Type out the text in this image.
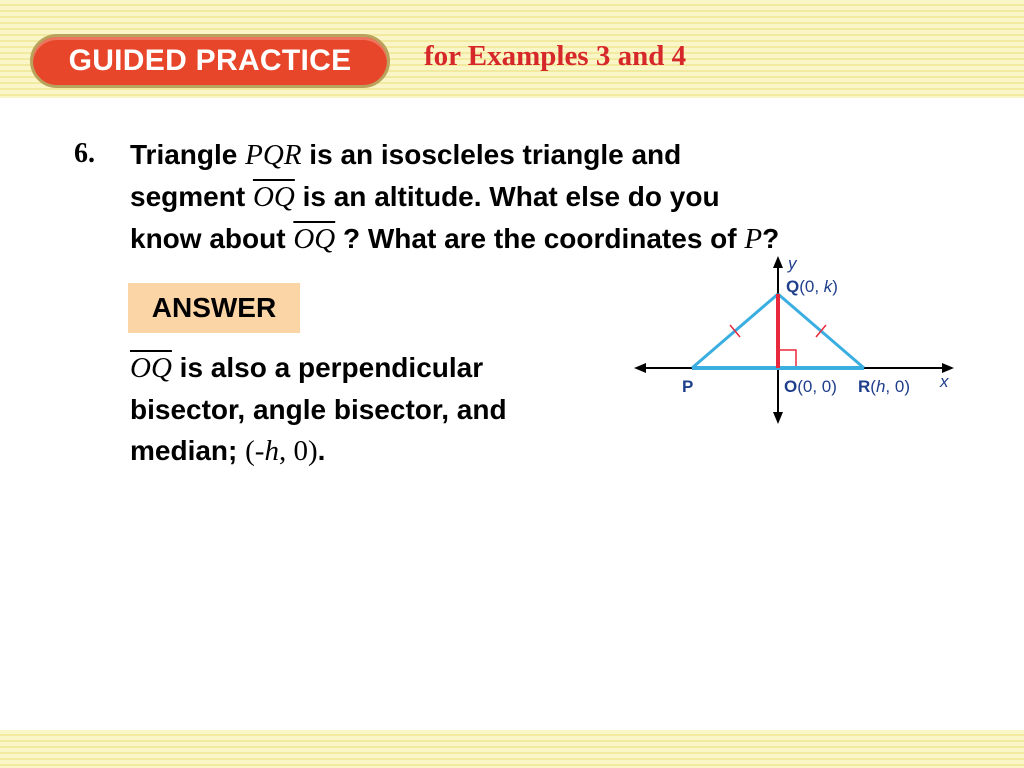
GUIDED PRACTICE	for Examples 3 and 4
6. Triangle PQR is an isoscleles triangle and
segment $\overline{OQ}$ is an altitude. What else do you
know about $\overline{OQ}$ ? What are the coordinates of P?
ANSWER
$\overline{OQ}$ is also a perpendicular
bisector, angle bisector, and
median; (-h, 0).
y
x
Q(0, k)
P	O(0, 0) R(h, 0)
